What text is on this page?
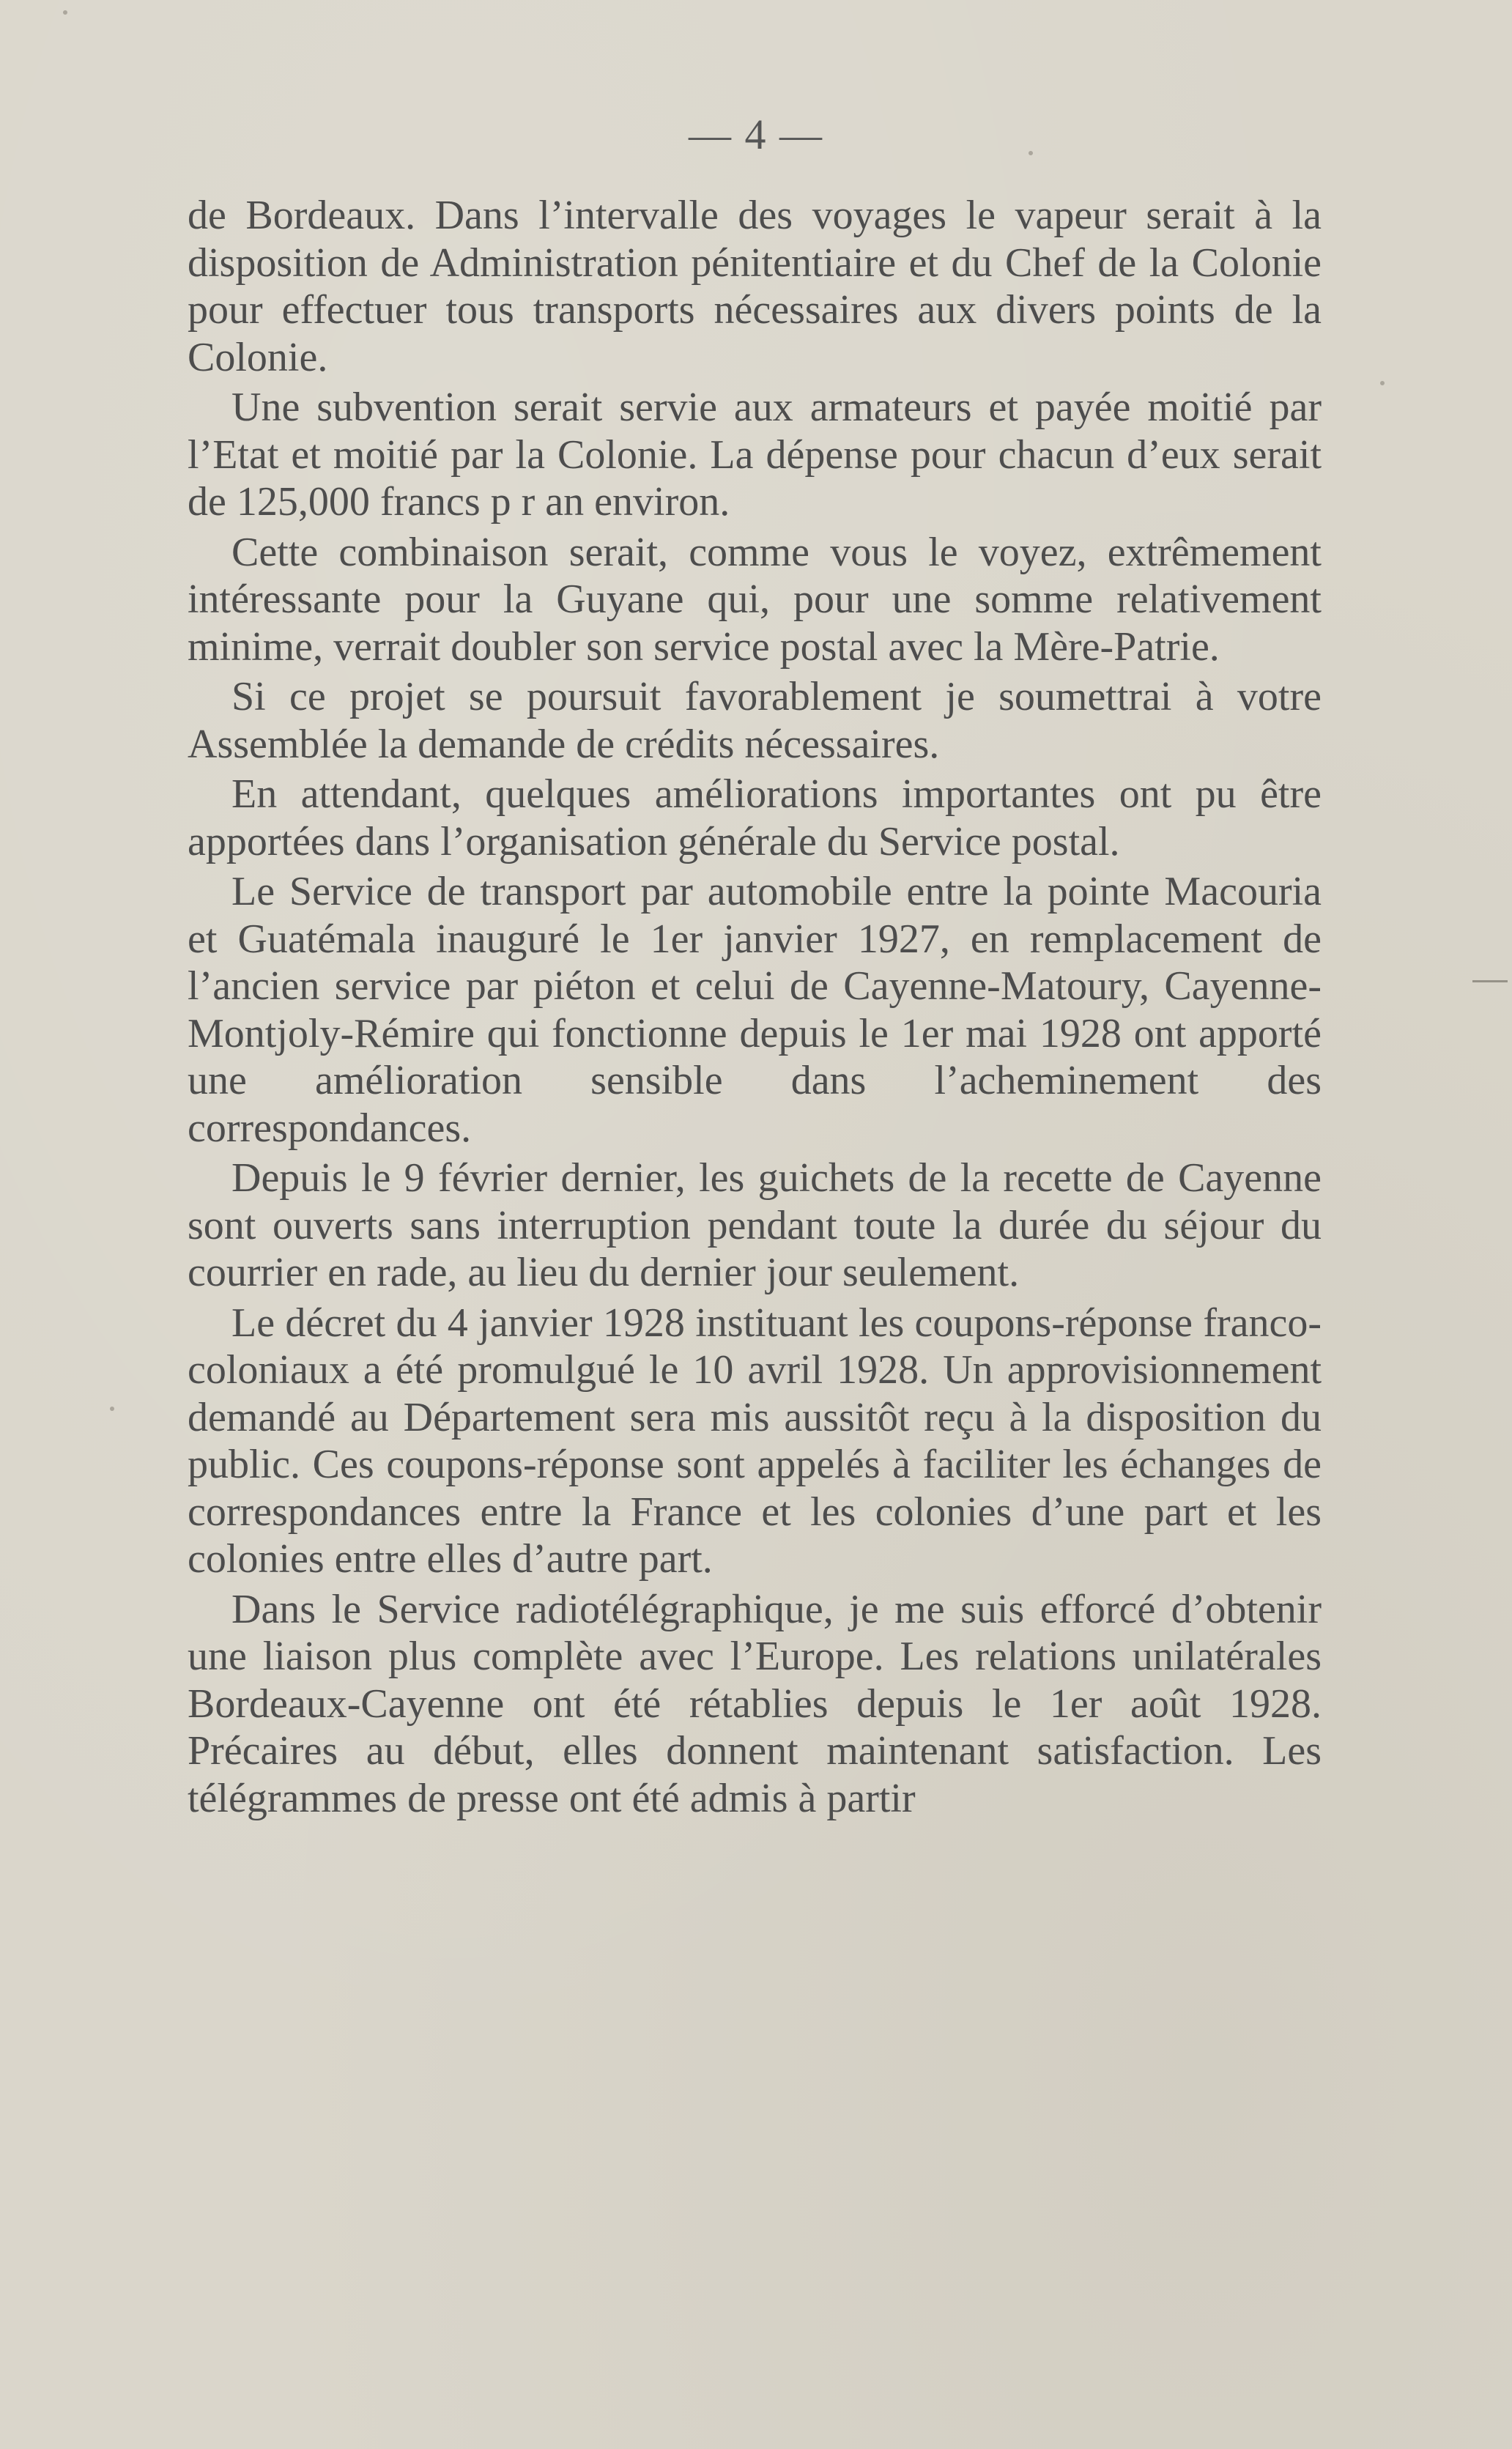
— 4 —

de Bordeaux. Dans l’intervalle des voyages le vapeur serait à la disposition de Administration pénitentiaire et du Chef de la Colonie pour effectuer tous transports nécessaires aux divers points de la Colonie.

Une subvention serait servie aux armateurs et payée moitié par l’Etat et moitié par la Colonie. La dépense pour chacun d’eux serait de 125,000 francs p r an environ.

Cette combinaison serait, comme vous le voyez, extrêmement intéressante pour la Guyane qui, pour une somme relativement minime, verrait doubler son service postal avec la Mère-Patrie.

Si ce projet se poursuit favorablement je soumettrai à votre Assemblée la demande de crédits nécessaires.

En attendant, quelques améliorations importantes ont pu être apportées dans l’organisation générale du Service postal.

Le Service de transport par automobile entre la pointe Macouria et Guatémala inauguré le 1er janvier 1927, en remplacement de l’ancien service par piéton et celui de Cayenne-Matoury, Cayenne-Montjoly-Rémire qui fonctionne depuis le 1er mai 1928 ont apporté une amélioration sensible dans l’acheminement des correspondances.

Depuis le 9 février dernier, les guichets de la recette de Cayenne sont ouverts sans interruption pendant toute la durée du séjour du courrier en rade, au lieu du dernier jour seulement.

Le décret du 4 janvier 1928 instituant les coupons-réponse franco-coloniaux a été promulgué le 10 avril 1928. Un approvisionnement demandé au Département sera mis aussitôt reçu à la disposition du public. Ces coupons-réponse sont appelés à faciliter les échanges de correspondances entre la France et les colonies d’une part et les colonies entre elles d’autre part.

Dans le Service radiotélégraphique, je me suis efforcé d’obtenir une liaison plus complète avec l’Europe. Les relations unilatérales Bordeaux-Cayenne ont été rétablies depuis le 1er août 1928. Précaires au début, elles donnent maintenant satisfaction. Les télégrammes de presse ont été admis à partir
